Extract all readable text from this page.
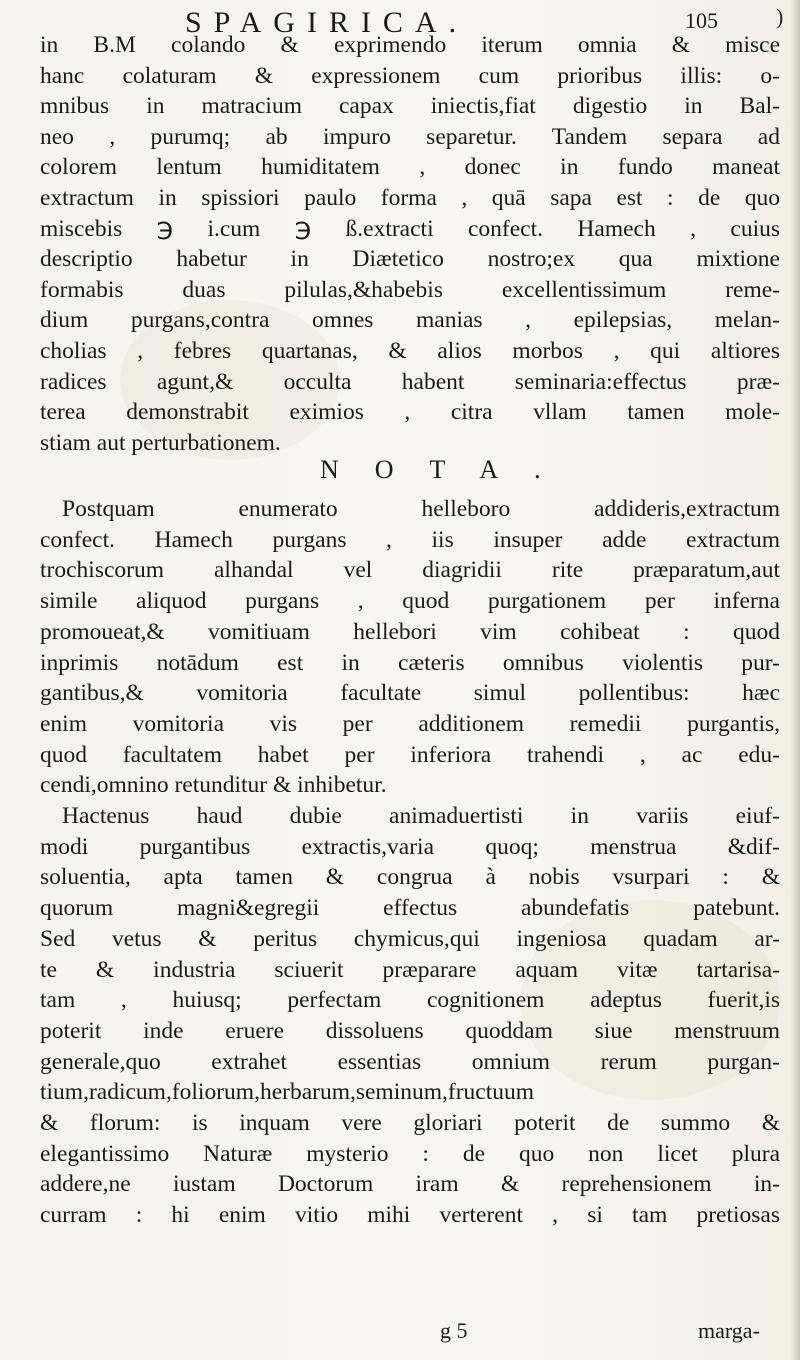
SPAGIRICA.	105	)
in B.M colando & exprimendo iterum omnia & misce
hanc colaturam & expressionem cum prioribus illis: o-
mnibus in matracium capax iniectis,fiat digestio in Bal-
neo , purumq; ab impuro separetur. Tandem separa ad
colorem lentum humiditatem , donec in fundo maneat
extractum in spissiori paulo forma , quā sapa est : de quo
miscebis ℈ i.cum ℈ ß.extracti confect. Hamech , cuius
descriptio habetur in Diætetico nostro;ex qua mixtione
formabis duas pilulas,&habebis excellentissimum reme-
dium purgans,contra omnes manias , epilepsias, melan-
cholias , febres quartanas, & alios morbos , qui altiores
radices agunt,& occulta habent seminaria:effectus præ-
terea demonstrabit eximios , citra vllam tamen mole-
stiam aut perturbationem.
NOTA.
Postquam enumerato helleboro addideris,extractum
confect. Hamech purgans , iis insuper adde extractum
trochiscorum alhandal vel diagridii rite præparatum,aut
simile aliquod purgans , quod purgationem per inferna
promoueat,& vomitiuam hellebori vim cohibeat : quod
inprimis notādum est in cæteris omnibus violentis pur-
gantibus,& vomitoria facultate simul pollentibus: hæc
enim vomitoria vis per additionem remedii purgantis,
quod facultatem habet per inferiora trahendi , ac edu-
cendi,omnino retunditur & inhibetur.
Hactenus haud dubie animaduertisti in variis eiuf-
modi purgantibus extractis,varia quoq; menstrua &dif-
soluentia, apta tamen & congrua à nobis vsurpari : &
quorum magni&egregii effectus abundefatis patebunt.
Sed vetus & peritus chymicus,qui ingeniosa quadam ar-
te & industria sciuerit præparare aquam vitæ tartarisa-
tam , huiusq; perfectam cognitionem adeptus fuerit,is
poterit inde eruere dissoluens quoddam siue menstruum
generale,quo extrahet essentias omnium rerum purgan-
tium,radicum,foliorum,herbarum,seminum,fructuum
& florum: is inquam vere gloriari poterit de summo &
elegantissimo Naturæ mysterio : de quo non licet plura
addere,ne iustam Doctorum iram & reprehensionem in-
curram : hi enim vitio mihi verterent , si tam pretiosas
g 5	marga-
